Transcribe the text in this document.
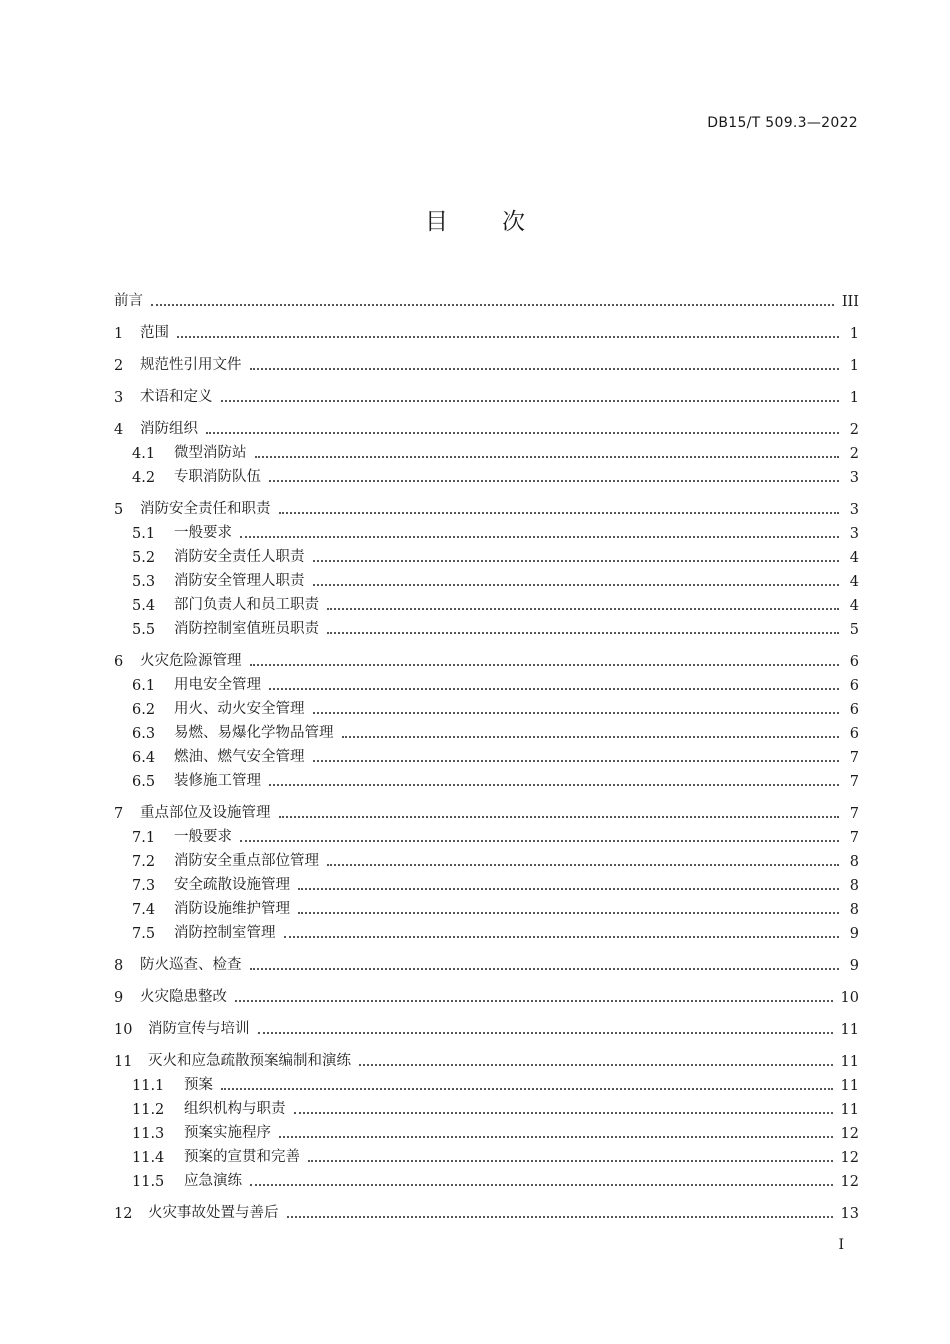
DB15/T 509.3—2022
目 次
前言	III
1	范围	1
2	规范性引用文件	1
3	术语和定义	1
4	消防组织	2
4.1	微型消防站	2
4.2	专职消防队伍	3
5	消防安全责任和职责	3
5.1	一般要求	3
5.2	消防安全责任人职责	4
5.3	消防安全管理人职责	4
5.4	部门负责人和员工职责	4
5.5	消防控制室值班员职责	5
6	火灾危险源管理	6
6.1	用电安全管理	6
6.2	用火、动火安全管理	6
6.3	易燃、易爆化学物品管理	6
6.4	燃油、燃气安全管理	7
6.5	装修施工管理	7
7	重点部位及设施管理	7
7.1	一般要求	7
7.2	消防安全重点部位管理	8
7.3	安全疏散设施管理	8
7.4	消防设施维护管理	8
7.5	消防控制室管理	9
8	防火巡查、检查	9
9	火灾隐患整改	10
10	消防宣传与培训	11
11	灭火和应急疏散预案编制和演练	11
11.1	预案	11
11.2	组织机构与职责	11
11.3	预案实施程序	12
11.4	预案的宣贯和完善	12
11.5	应急演练	12
12	火灾事故处置与善后	13
I
